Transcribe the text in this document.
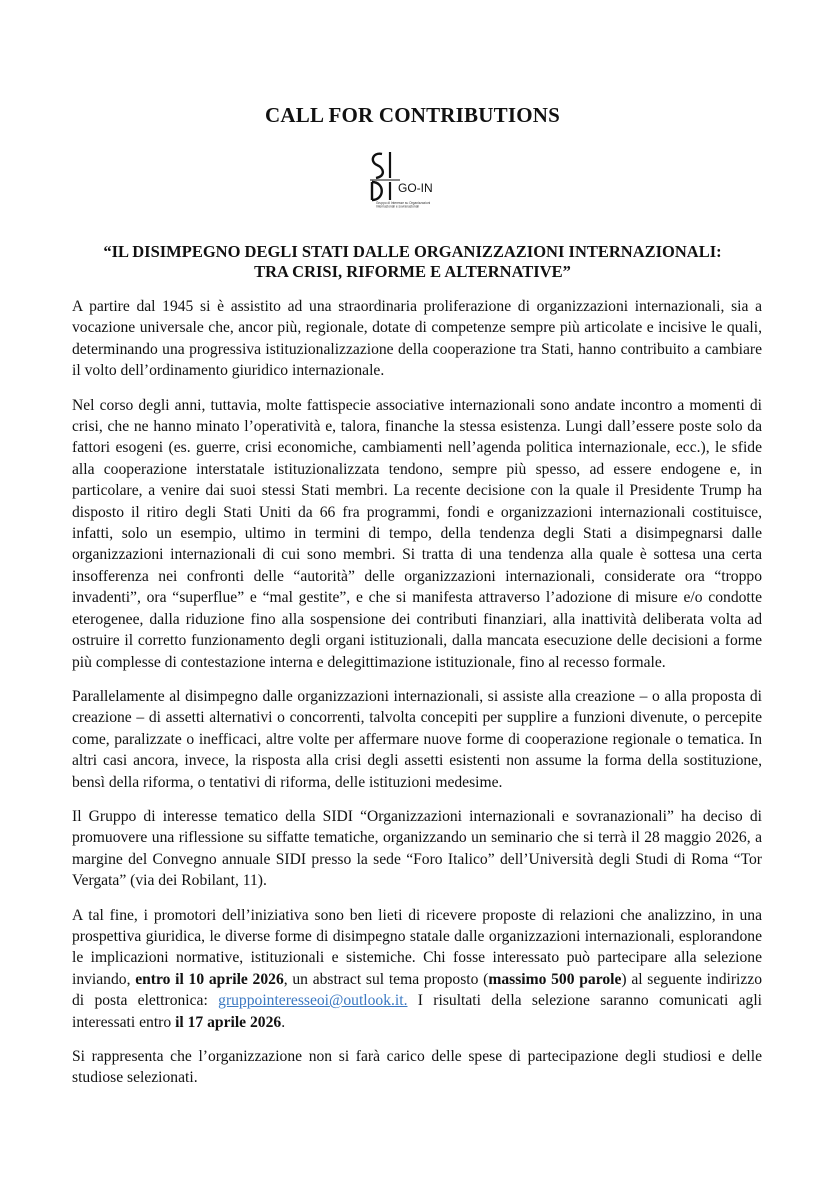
CALL FOR CONTRIBUTIONS
GO-IN
Gruppo di Interesse su Organizzazioni
Internazionali e sovranazionali
“IL DISIMPEGNO DEGLI STATI DALLE ORGANIZZAZIONI INTERNAZIONALI:
TRA CRISI, RIFORME E ALTERNATIVE”

A partire dal 1945 si è assistito ad una straordinaria proliferazione di organizzazioni internazionali, sia a vocazione universale che, ancor più, regionale, dotate di competenze sempre più articolate e incisive le quali, determinando una progressiva istituzionalizzazione della cooperazione tra Stati, hanno contribuito a cambiare il volto dell’ordinamento giuridico internazionale.

Nel corso degli anni, tuttavia, molte fattispecie associative internazionali sono andate incontro a momenti di crisi, che ne hanno minato l’operatività e, talora, finanche la stessa esistenza. Lungi dall’essere poste solo da fattori esogeni (es. guerre, crisi economiche, cambiamenti nell’agenda politica internazionale, ecc.), le sfide alla cooperazione interstatale istituzionalizzata tendono, sempre più spesso, ad essere endogene e, in particolare, a venire dai suoi stessi Stati membri. La recente decisione con la quale il Presidente Trump ha disposto il ritiro degli Stati Uniti da 66 fra programmi, fondi e organizzazioni internazionali costituisce, infatti, solo un esempio, ultimo in termini di tempo, della tendenza degli Stati a disimpegnarsi dalle organizzazioni internazionali di cui sono membri. Si tratta di una tendenza alla quale è sottesa una certa insofferenza nei confronti delle “autorità” delle organizzazioni internazionali, considerate ora “troppo invadenti”, ora “superflue” e “mal gestite”, e che si manifesta attraverso l’adozione di misure e/o condotte eterogenee, dalla riduzione fino alla sospensione dei contributi finanziari, alla inattività deliberata volta ad ostruire il corretto funzionamento degli organi istituzionali, dalla mancata esecuzione delle decisioni a forme più complesse di contestazione interna e delegittimazione istituzionale, fino al recesso formale.

Parallelamente al disimpegno dalle organizzazioni internazionali, si assiste alla creazione – o alla proposta di creazione – di assetti alternativi o concorrenti, talvolta concepiti per supplire a funzioni divenute, o percepite come, paralizzate o inefficaci, altre volte per affermare nuove forme di cooperazione regionale o tematica. In altri casi ancora, invece, la risposta alla crisi degli assetti esistenti non assume la forma della sostituzione, bensì della riforma, o tentativi di riforma, delle istituzioni medesime.

Il Gruppo di interesse tematico della SIDI “Organizzazioni internazionali e sovranazionali” ha deciso di promuovere una riflessione su siffatte tematiche, organizzando un seminario che si terrà il 28 maggio 2026, a margine del Convegno annuale SIDI presso la sede “Foro Italico” dell’Università degli Studi di Roma “Tor Vergata” (via dei Robilant, 11).

A tal fine, i promotori dell’iniziativa sono ben lieti di ricevere proposte di relazioni che analizzino, in una prospettiva giuridica, le diverse forme di disimpegno statale dalle organizzazioni internazionali, esplorandone le implicazioni normative, istituzionali e sistemiche. Chi fosse interessato può partecipare alla selezione inviando, entro il 10 aprile 2026, un abstract sul tema proposto (massimo 500 parole) al seguente indirizzo di posta elettronica: gruppointeresseoi@outlook.it. I risultati della selezione saranno comunicati agli interessati entro il 17 aprile 2026.

Si rappresenta che l’organizzazione non si farà carico delle spese di partecipazione degli studiosi e delle studiose selezionati.
